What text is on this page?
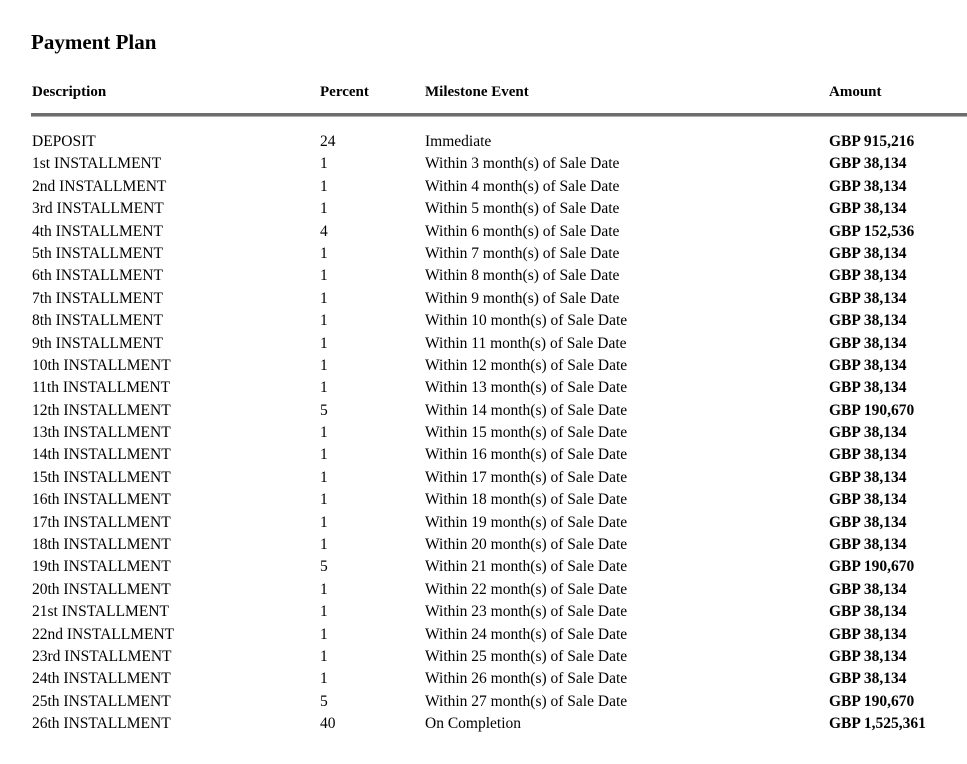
Payment Plan
Description	Percent	Milestone Event	Amount
DEPOSIT	24	Immediate	GBP 915,216
1st INSTALLMENT	1	Within 3 month(s) of Sale Date	GBP 38,134
2nd INSTALLMENT	1	Within 4 month(s) of Sale Date	GBP 38,134
3rd INSTALLMENT	1	Within 5 month(s) of Sale Date	GBP 38,134
4th INSTALLMENT	4	Within 6 month(s) of Sale Date	GBP 152,536
5th INSTALLMENT	1	Within 7 month(s) of Sale Date	GBP 38,134
6th INSTALLMENT	1	Within 8 month(s) of Sale Date	GBP 38,134
7th INSTALLMENT	1	Within 9 month(s) of Sale Date	GBP 38,134
8th INSTALLMENT	1	Within 10 month(s) of Sale Date	GBP 38,134
9th INSTALLMENT	1	Within 11 month(s) of Sale Date	GBP 38,134
10th INSTALLMENT	1	Within 12 month(s) of Sale Date	GBP 38,134
11th INSTALLMENT	1	Within 13 month(s) of Sale Date	GBP 38,134
12th INSTALLMENT	5	Within 14 month(s) of Sale Date	GBP 190,670
13th INSTALLMENT	1	Within 15 month(s) of Sale Date	GBP 38,134
14th INSTALLMENT	1	Within 16 month(s) of Sale Date	GBP 38,134
15th INSTALLMENT	1	Within 17 month(s) of Sale Date	GBP 38,134
16th INSTALLMENT	1	Within 18 month(s) of Sale Date	GBP 38,134
17th INSTALLMENT	1	Within 19 month(s) of Sale Date	GBP 38,134
18th INSTALLMENT	1	Within 20 month(s) of Sale Date	GBP 38,134
19th INSTALLMENT	5	Within 21 month(s) of Sale Date	GBP 190,670
20th INSTALLMENT	1	Within 22 month(s) of Sale Date	GBP 38,134
21st INSTALLMENT	1	Within 23 month(s) of Sale Date	GBP 38,134
22nd INSTALLMENT	1	Within 24 month(s) of Sale Date	GBP 38,134
23rd INSTALLMENT	1	Within 25 month(s) of Sale Date	GBP 38,134
24th INSTALLMENT	1	Within 26 month(s) of Sale Date	GBP 38,134
25th INSTALLMENT	5	Within 27 month(s) of Sale Date	GBP 190,670
26th INSTALLMENT	40	On Completion	GBP 1,525,361
